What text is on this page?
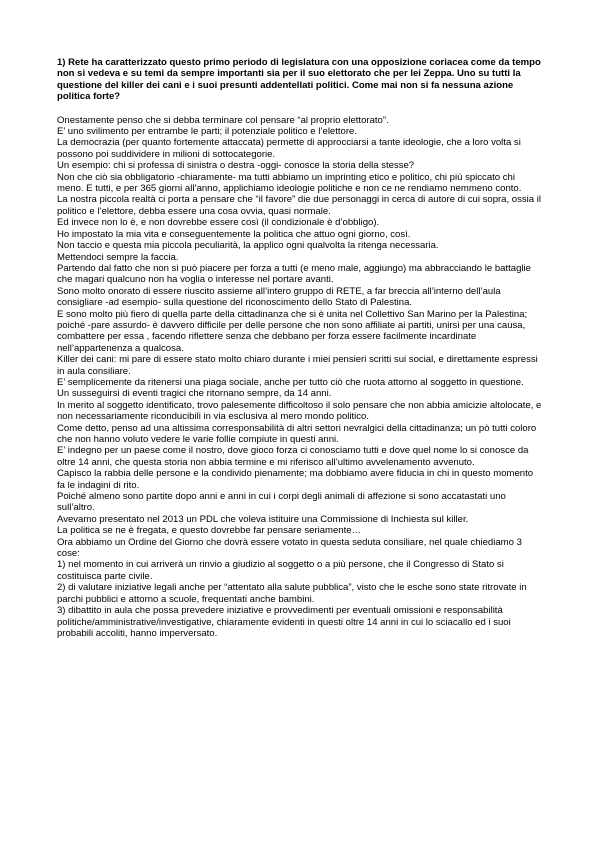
1) Rete ha caratterizzato questo primo periodo di legislatura con una opposizione coriacea come da tempo non si vedeva e su temi da sempre importanti sia per il suo elettorato che per lei Zeppa. Uno su tutti la questione del killer dei cani e i suoi presunti addentellati politici. Come mai non si fa nessuna azione politica forte?

Onestamente penso che si debba terminare col pensare “al proprio elettorato”.

E’ uno svilimento per entrambe le parti; il potenziale politico e l’elettore.

La democrazia (per quanto fortemente attaccata) permette di approcciarsi a tante ideologie, che a loro volta si possono poi suddividere in milioni di sottocategorie.

Un esempio: chi si professa di sinistra o destra -oggi- conosce la storia della stesse?

Non che ciò sia obbligatorio -chiaramente- ma tutti abbiamo un imprinting etico e politico, chi più spiccato chi meno. E tutti, e per 365 giorni all’anno, applichiamo ideologie politiche e non ce ne rendiamo nemmeno conto.

La nostra piccola realtà ci porta a pensare che “il favore” die due personaggi in cerca di autore di cui sopra, ossia il politico e l’elettore, debba essere una cosa ovvia, quasi normale.

Ed invece non lo è, e non dovrebbe essere così (il condizionale è d’obbligo).

Ho impostato la mia vita e conseguentemente la politica che attuo ogni giorno, così.

Non taccio e questa mia piccola peculiarità, la applico ogni qualvolta la ritenga necessaria.

Mettendoci sempre la faccia.

Partendo dal fatto che non si può piacere per forza a tutti (e meno male, aggiungo) ma abbracciando le battaglie che magari qualcuno non ha voglia o interesse nel portare avanti.

Sono molto onorato di essere riuscito assieme all’intero gruppo di RETE, a far breccia all’interno dell’aula consigliare -ad esempio- sulla questione del riconoscimento dello Stato di Palestina.

E sono molto più fiero di quella parte della cittadinanza che si è unita nel Collettivo San Marino per la Palestina; poiché -pare assurdo- è davvero difficile per delle persone che non sono affiliate ai partiti, unirsi per una causa, combattere per essa , facendo riflettere senza che debbano per forza essere facilmente incardinate nell’appartenenza a qualcosa.

Killer dei cani: mi pare di essere stato molto chiaro durante i miei pensieri scritti sui social, e direttamente espressi in aula consiliare.

E’ semplicemente da ritenersi una piaga sociale, anche per tutto ciò che ruota attorno al soggetto in questione.

Un susseguirsi di eventi tragici che ritornano sempre, da 14 anni.

In merito al soggetto identificato, trovo palesemente difficoltoso il solo pensare che non abbia amicizie altolocate, e non necessariamente riconducibili in via esclusiva al mero mondo politico.

Come detto, penso ad una altissima corresponsabilità di altri settori nevralgici della cittadinanza; un pò tutti coloro che non hanno voluto vedere le varie follie compiute in questi anni.

E’ indegno per un paese come il nostro, dove gioco forza ci conosciamo tutti e dove quel nome lo si conosce da oltre 14 anni, che questa storia non abbia termine e mi riferisco all’ultimo avvelenamento avvenuto.

Capisco la rabbia delle persone e la condivido pienamente; ma dobbiamo avere fiducia in chi in questo momento fa le indagini di rito.

Poiché almeno sono partite dopo anni e anni in cui i corpi degli animali di affezione si sono accatastati uno sull’altro.

Avevamo presentato nel 2013 un PDL che voleva istituire una Commissione di Inchiesta sul killer.

La politica se ne è fregata, e questo dovrebbe far pensare seriamente…

Ora abbiamo un Ordine del Giorno che dovrà essere votato in questa seduta consiliare, nel quale chiediamo 3 cose:

1) nel momento in cui arriverà un rinvio a giudizio al soggetto o a più persone, che il Congresso di Stato si costituisca parte civile.

2) di valutare iniziative legali anche per “attentato alla salute pubblica”, visto che le esche sono state ritrovate in parchi pubblici e attorno a scuole, frequentati anche bambini.

3) dibattito in aula che possa prevedere iniziative e provvedimenti per eventuali omissioni e responsabilità politiche/amministrative/investigative, chiaramente evidenti in questi oltre 14 anni in cui lo sciacallo ed i suoi probabili accoliti, hanno imperversato.
